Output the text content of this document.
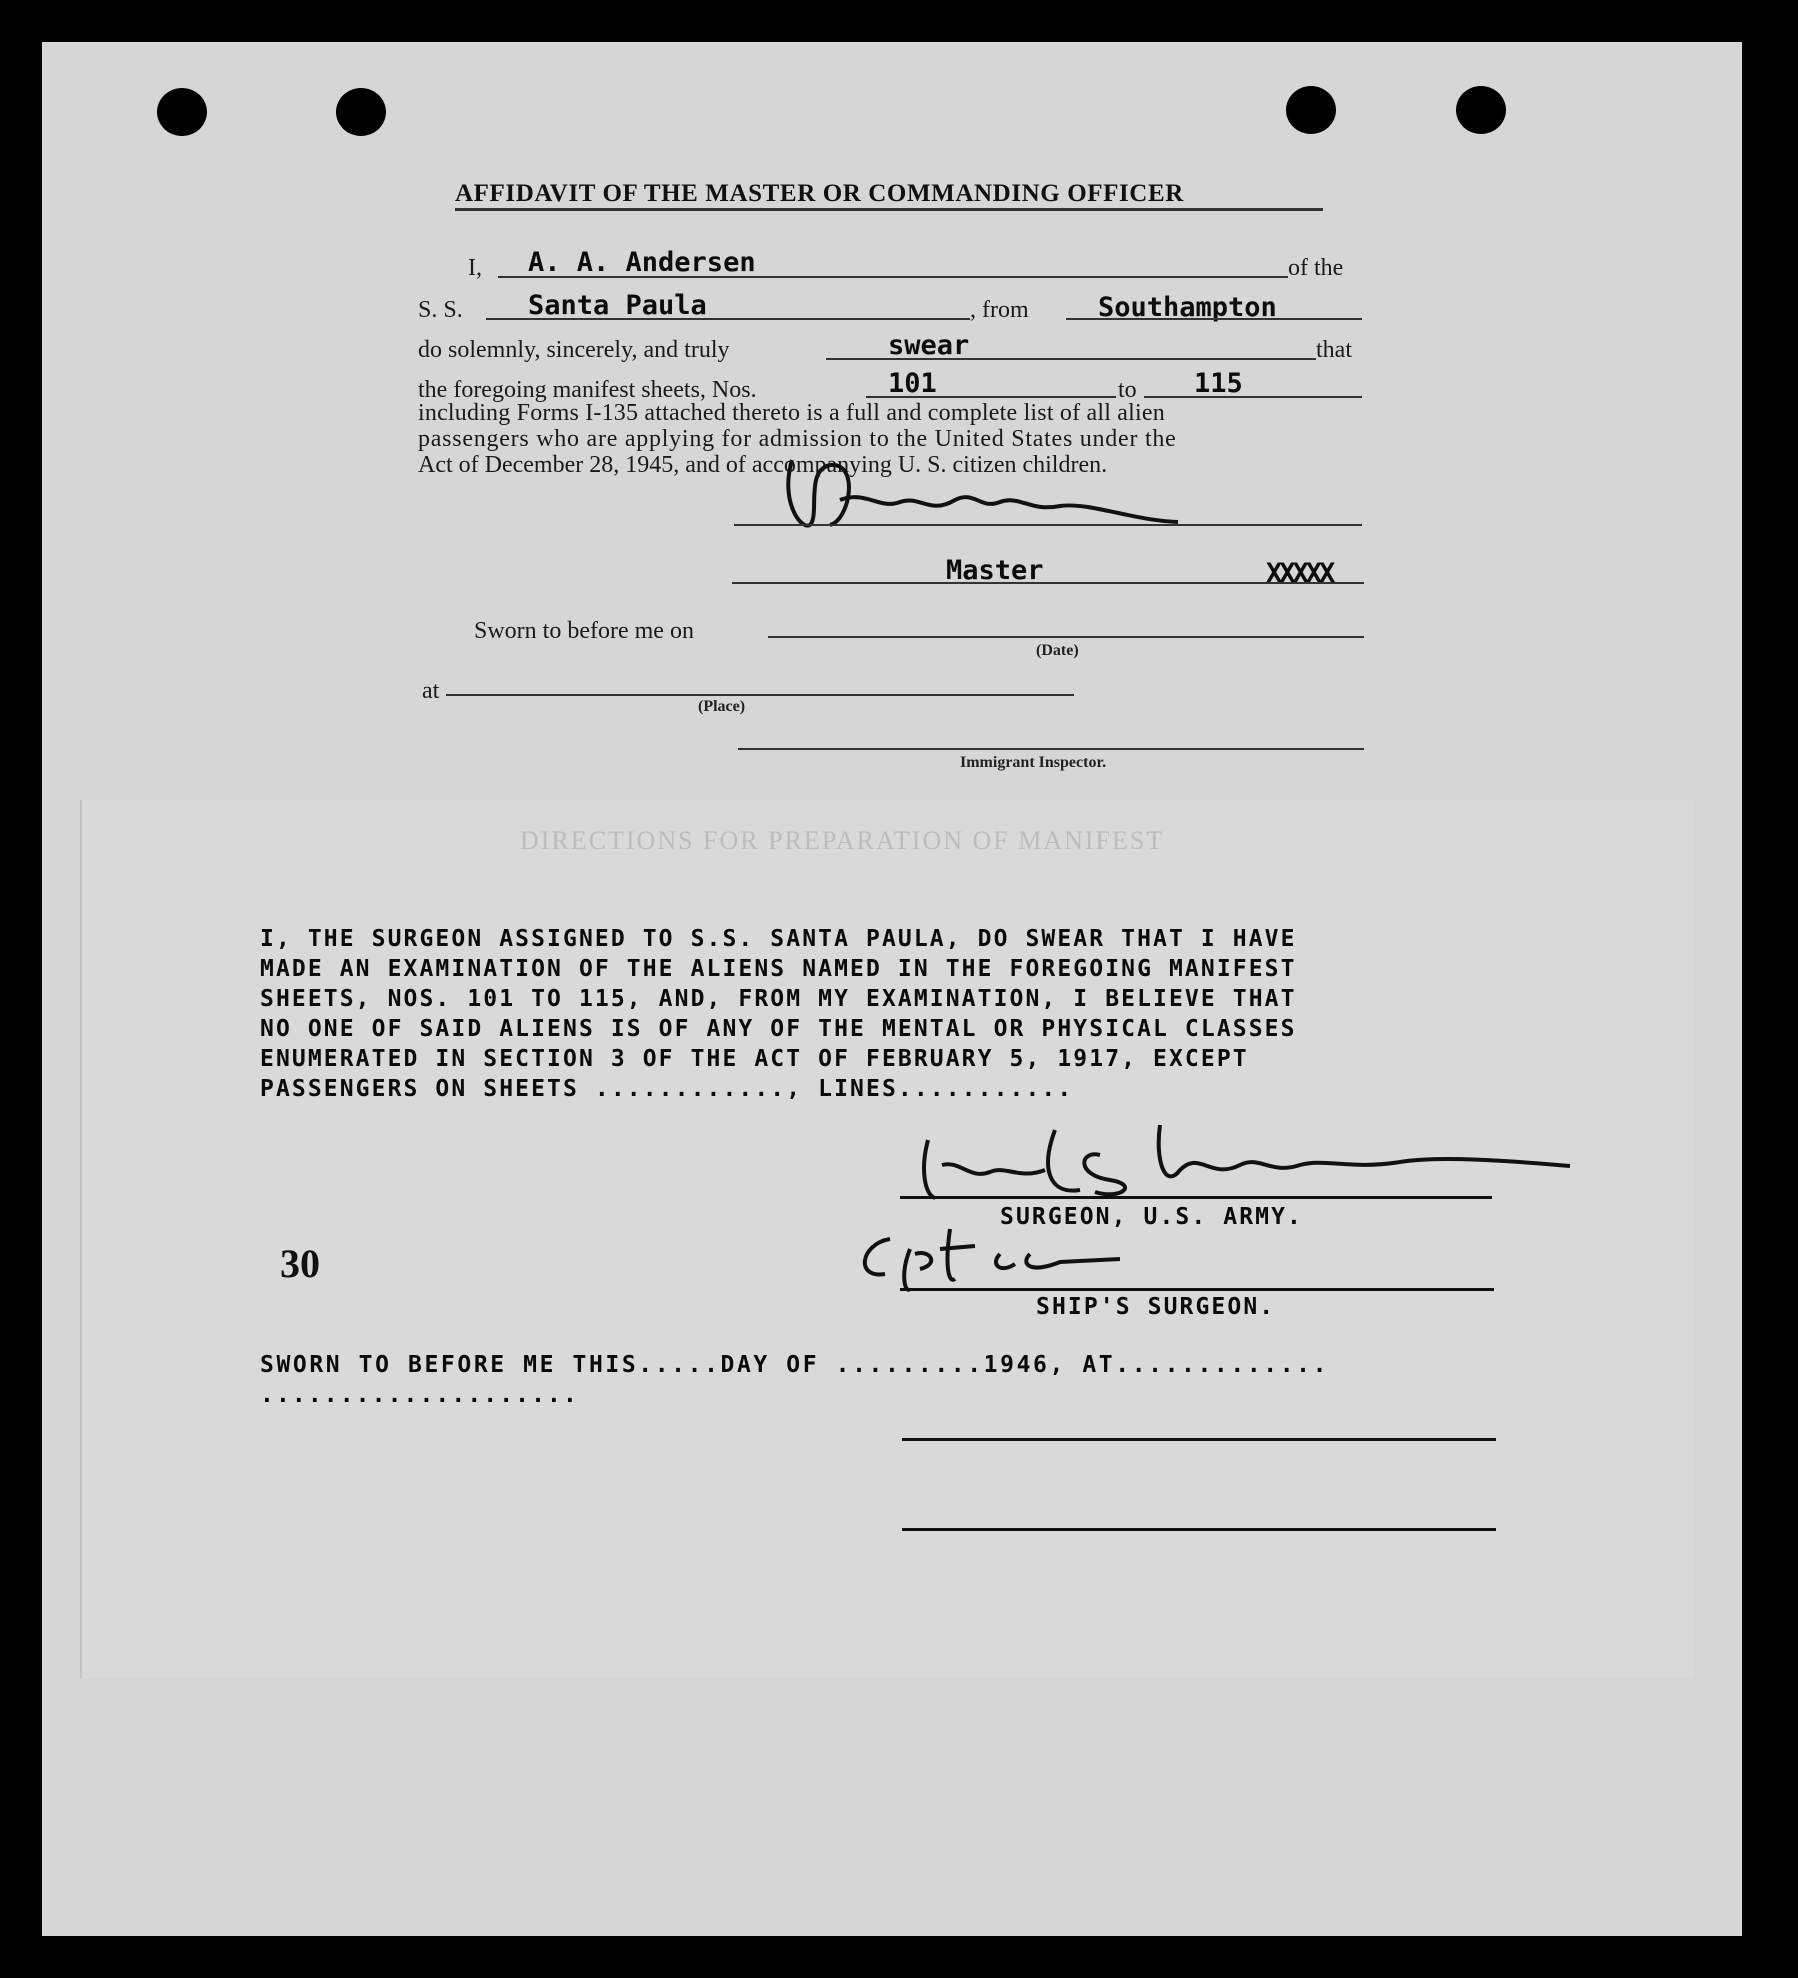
AFFIDAVIT OF THE MASTER OR COMMANDING OFFICER
I, A. A. Andersen	of the
S. S. Santa Paula	, from	Southampton
do solemnly, sincerely, and truly	swear	that
the foregoing manifest sheets, Nos.	101	to 115
including Forms I-135 attached thereto is a full and complete list of all alien
passengers who are applying for admission to the United States under the
Act of December 28, 1945, and of accompanying U. S. citizen children.
Master	XXXXX
Sworn to before me on
(Date)
at
(Place)
Immigrant Inspector.
DIRECTIONS FOR PREPARATION OF MANIFEST
I, THE SURGEON ASSIGNED TO S.S. SANTA PAULA, DO SWEAR THAT I HAVE
MADE AN EXAMINATION OF THE ALIENS NAMED IN THE FOREGOING MANIFEST
SHEETS, NOS. 101 TO 115, AND, FROM MY EXAMINATION, I BELIEVE THAT
NO ONE OF SAID ALIENS IS OF ANY OF THE MENTAL OR PHYSICAL CLASSES
ENUMERATED IN SECTION 3 OF THE ACT OF FEBRUARY 5, 1917, EXCEPT
PASSENGERS ON SHEETS ............, LINES...........
SURGEON, U.S. ARMY.
30
SHIP'S SURGEON.
SWORN TO BEFORE ME THIS.....DAY OF .........1946, AT.............
....................
